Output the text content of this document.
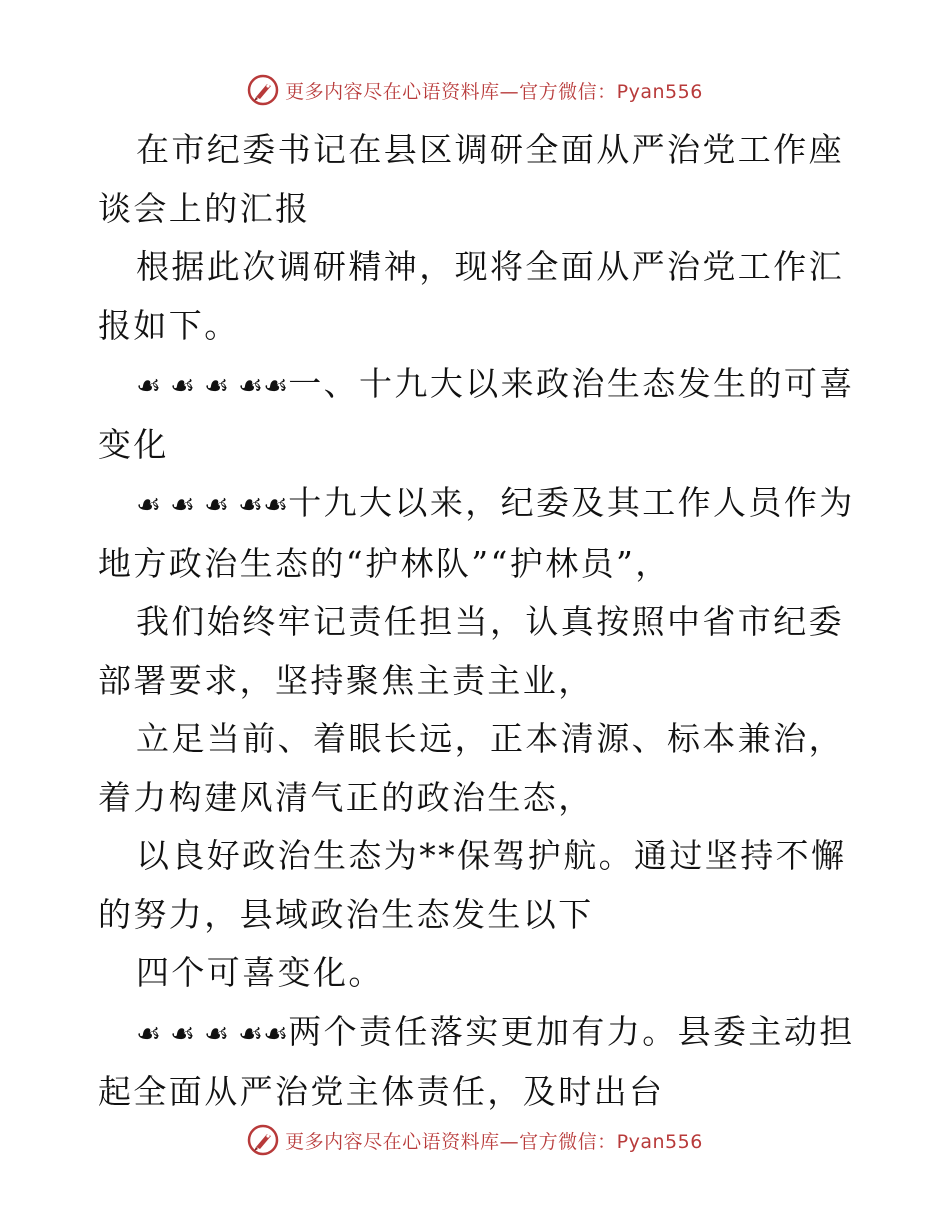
更多内容尽在心语资料库—官方微信：Pyan556

在市纪委书记在县区调研全面从严治党工作座谈会上的汇报

根据此次调研精神，现将全面从严治党工作汇报如下。

☙ ☙ ☙ ☙☙一、十九大以来政治生态发生的可喜变化

☙ ☙ ☙ ☙☙十九大以来，纪委及其工作人员作为地方政治生态的“护林队”“护林员”，

我们始终牢记责任担当，认真按照中省市纪委部署要求，坚持聚焦主责主业，

立足当前、着眼长远，正本清源、标本兼治，着力构建风清气正的政治生态，

以良好政治生态为**保驾护航。通过坚持不懈的努力，县域政治生态发生以下

四个可喜变化。

☙ ☙ ☙ ☙☙两个责任落实更加有力。县委主动担起全面从严治党主体责任，及时出台

更多内容尽在心语资料库—官方微信：Pyan556
